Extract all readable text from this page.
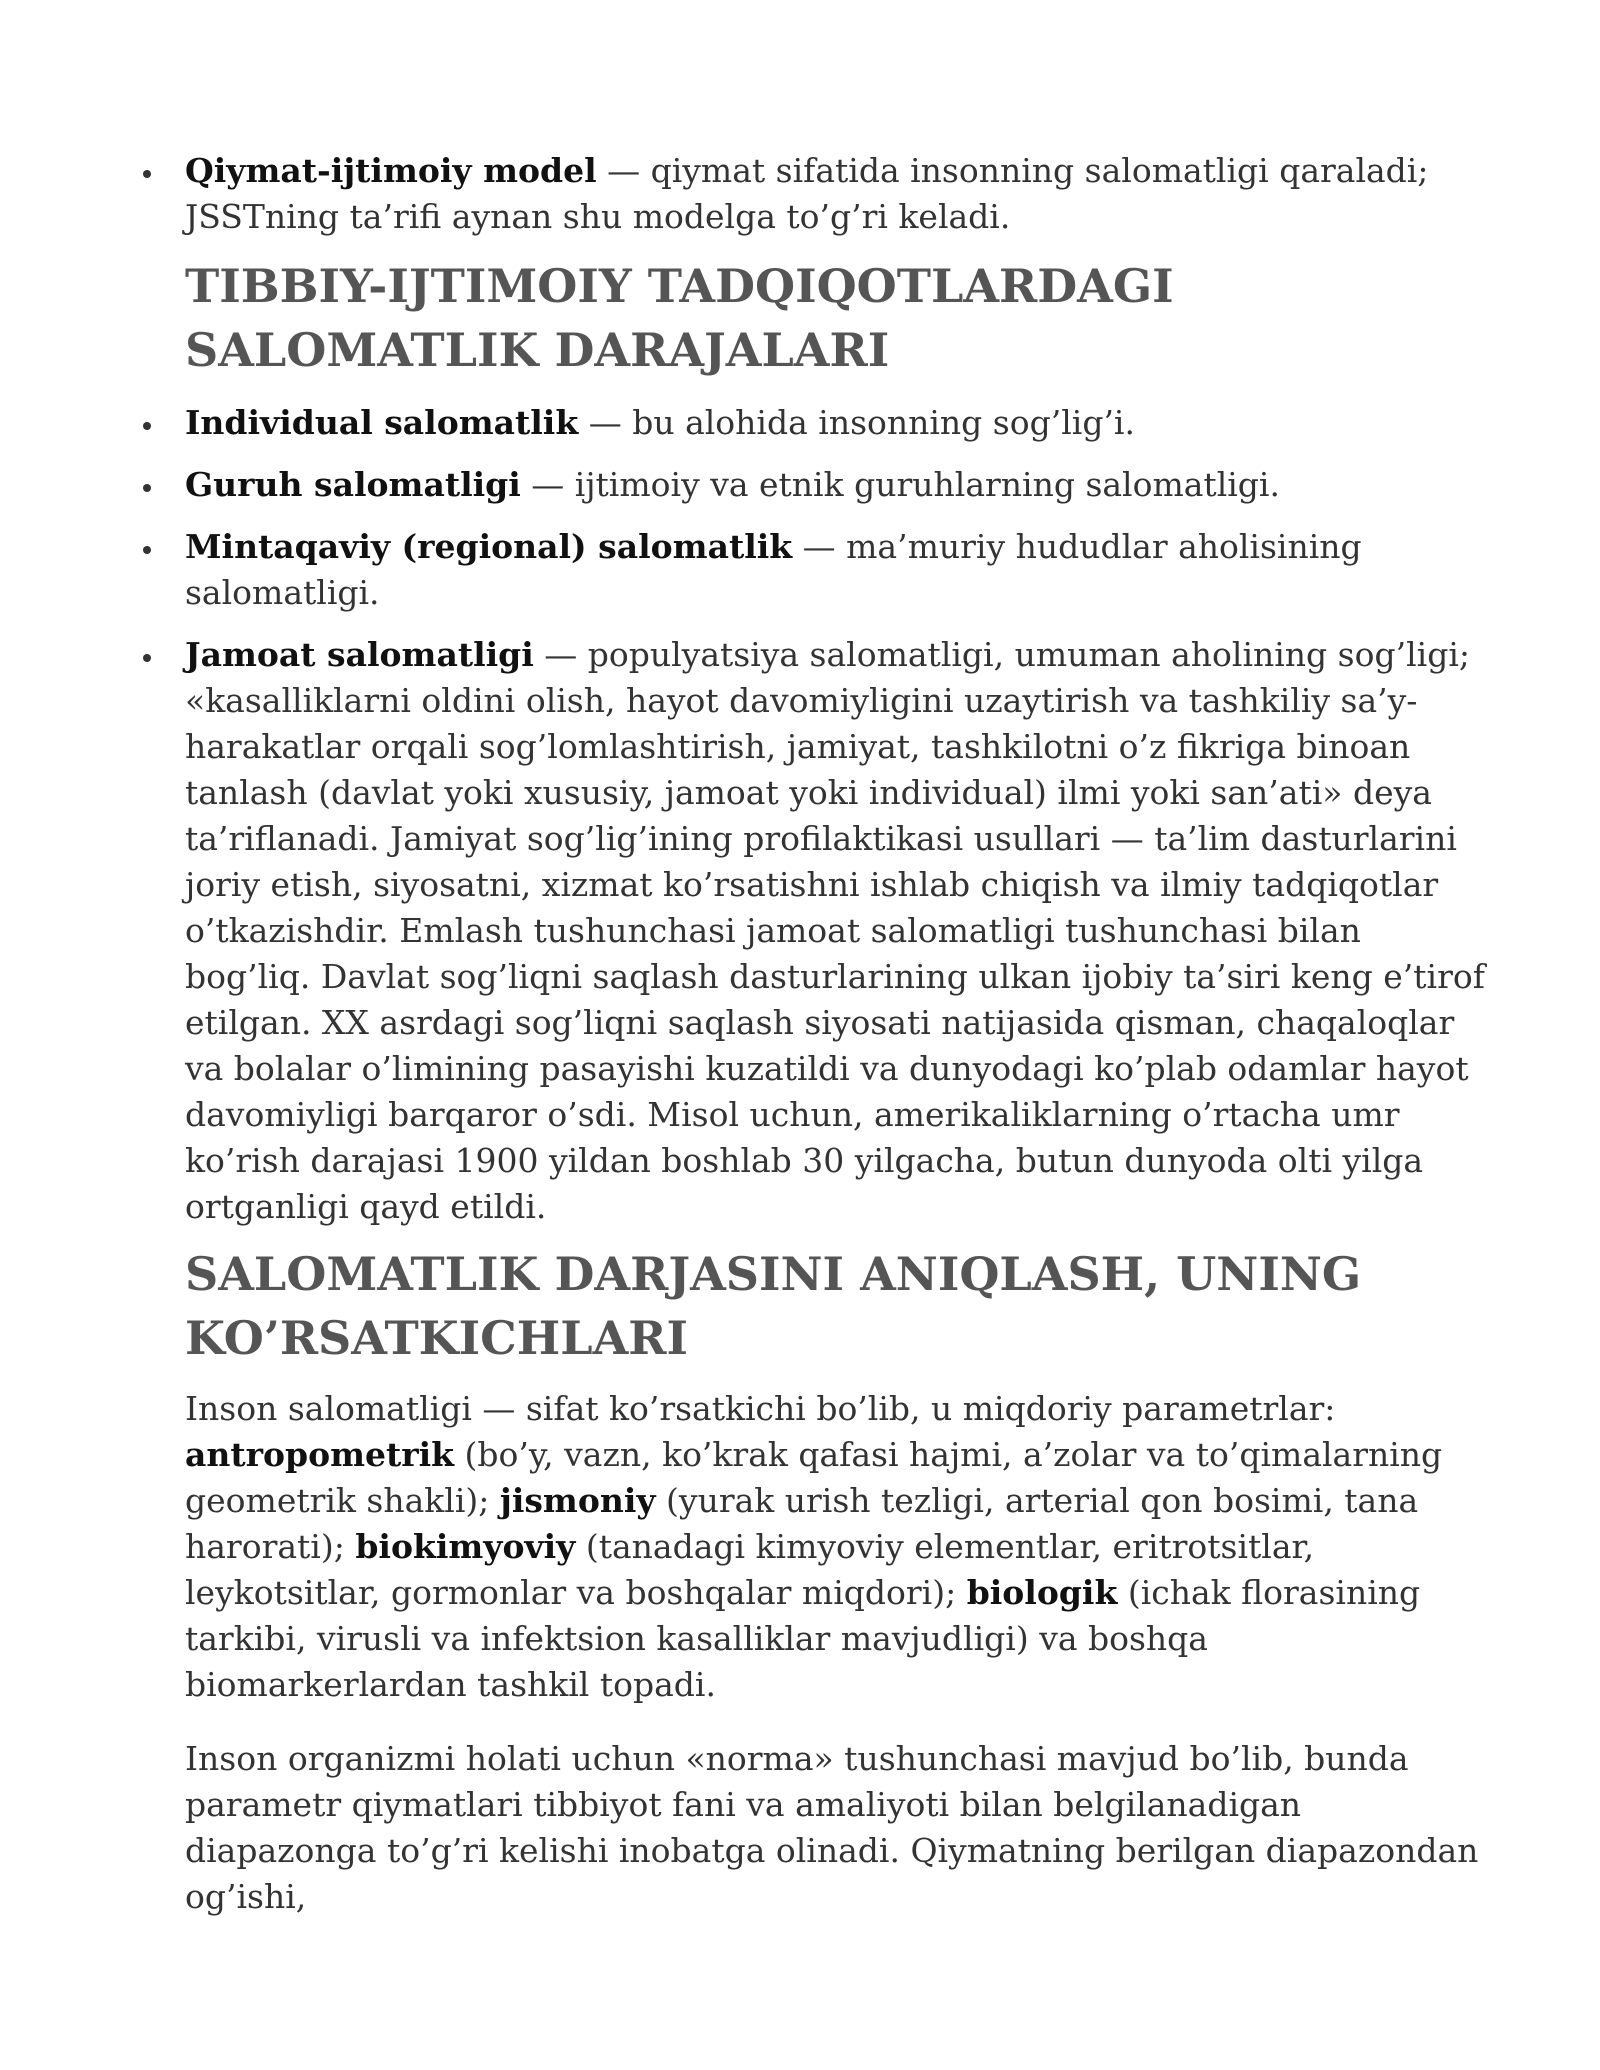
Qiymat-ijtimoiy model — qiymat sifatida insonning salomatligi qaraladi; JSSTning ta’rifi aynan shu modelga to’g’ri keladi.
TIBBIY-IJTIMOIY TADQIQOTLARDAGI SALOMATLIK DARAJALARI
Individual salomatlik — bu alohida insonning sog’lig’i.
Guruh salomatligi — ijtimoiy va etnik guruhlarning salomatligi.
Mintaqaviy (regional) salomatlik — ma’muriy hududlar aholisining salomatligi.
Jamoat salomatligi — populyatsiya salomatligi, umuman aholining sog’ligi; «kasalliklarni oldini olish, hayot davomiyligini uzaytirish va tashkiliy sa’y-harakatlar orqali sog’lomlashtirish, jamiyat, tashkilotni o’z fikriga binoan tanlash (davlat yoki xususiy, jamoat yoki individual) ilmi yoki san’ati» deya ta’riflanadi. Jamiyat sog’lig’ining profilaktikasi usullari — ta’lim dasturlarini joriy etish, siyosatni, xizmat ko’rsatishni ishlab chiqish va ilmiy tadqiqotlar o’tkazishdir. Emlash tushunchasi jamoat salomatligi tushunchasi bilan bog’liq. Davlat sog’liqni saqlash dasturlarining ulkan ijobiy ta’siri keng e’tirof etilgan. XX asrdagi sog’liqni saqlash siyosati natijasida qisman, chaqaloqlar va bolalar o’limining pasayishi kuzatildi va dunyodagi ko’plab odamlar hayot davomiyligi barqaror o’sdi. Misol uchun, amerikaliklarning o’rtacha umr ko’rish darajasi 1900 yildan boshlab 30 yilgacha, butun dunyoda olti yilga ortganligi qayd etildi.
SALOMATLIK DARJASINI ANIQLASH, UNING KO’RSATKICHLARI

Inson salomatligi — sifat ko’rsatkichi bo’lib, u miqdoriy parametrlar: antropometrik (bo’y, vazn, ko’krak qafasi hajmi, a’zolar va to’qimalarning geometrik shakli); jismoniy (yurak urish tezligi, arterial qon bosimi, tana harorati); biokimyoviy (tanadagi kimyoviy elementlar, eritrotsitlar, leykotsitlar, gormonlar va boshqalar miqdori); biologik (ichak florasining tarkibi, virusli va infektsion kasalliklar mavjudligi) va boshqa biomarkerlardan tashkil topadi.

Inson organizmi holati uchun «norma» tushunchasi mavjud bo’lib, bunda parametr qiymatlari tibbiyot fani va amaliyoti bilan belgilanadigan diapazonga to’g’ri kelishi inobatga olinadi. Qiymatning berilgan diapazondan og’ishi,
